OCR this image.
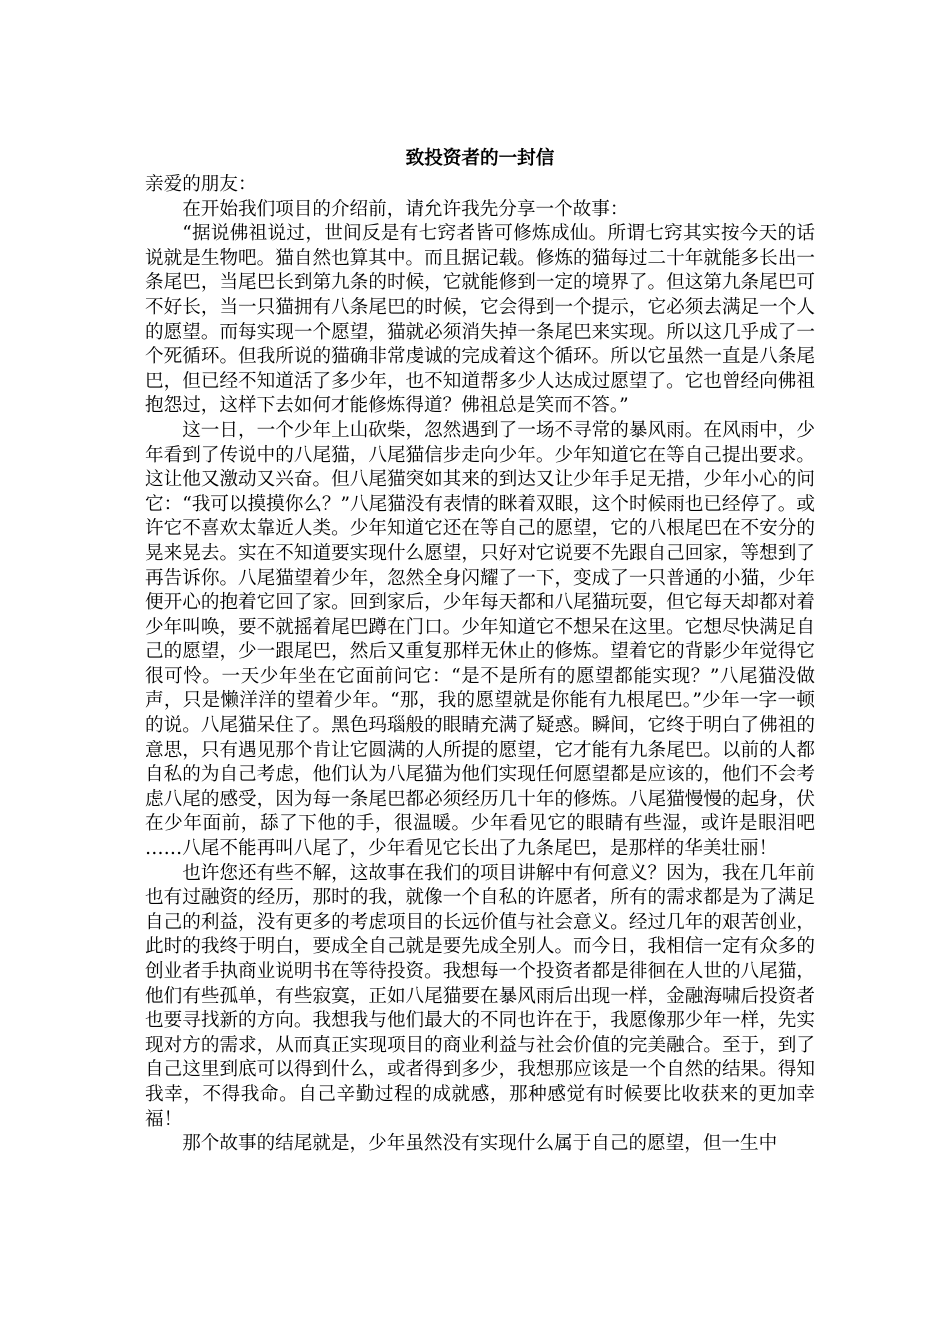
致投资者的一封信

亲爱的朋友：

在开始我们项目的介绍前，请允许我先分享一个故事：

“据说佛祖说过，世间反是有七窍者皆可修炼成仙。所谓七窍其实按今天的话说就是生物吧。猫自然也算其中。而且据记载。修炼的猫每过二十年就能多长出一条尾巴，当尾巴长到第九条的时候，它就能修到一定的境界了。但这第九条尾巴可不好长，当一只猫拥有八条尾巴的时候，它会得到一个提示，它必须去满足一个人的愿望。而每实现一个愿望，猫就必须消失掉一条尾巴来实现。所以这几乎成了一个死循环。但我所说的猫确非常虔诚的完成着这个循环。所以它虽然一直是八条尾巴，但已经不知道活了多少年，也不知道帮多少人达成过愿望了。它也曾经向佛祖抱怨过，这样下去如何才能修炼得道？佛祖总是笑而不答。”

这一日，一个少年上山砍柴，忽然遇到了一场不寻常的暴风雨。在风雨中，少年看到了传说中的八尾猫，八尾猫信步走向少年。少年知道它在等自己提出要求。这让他又激动又兴奋。但八尾猫突如其来的到达又让少年手足无措，少年小心的问它：“我可以摸摸你么？”八尾猫没有表情的眯着双眼，这个时候雨也已经停了。或许它不喜欢太靠近人类。少年知道它还在等自己的愿望，它的八根尾巴在不安分的晃来晃去。实在不知道要实现什么愿望，只好对它说要不先跟自己回家，等想到了再告诉你。八尾猫望着少年，忽然全身闪耀了一下，变成了一只普通的小猫，少年便开心的抱着它回了家。回到家后，少年每天都和八尾猫玩耍，但它每天却都对着少年叫唤，要不就摇着尾巴蹲在门口。少年知道它不想呆在这里。它想尽快满足自己的愿望，少一跟尾巴，然后又重复那样无休止的修炼。望着它的背影少年觉得它很可怜。一天少年坐在它面前问它：“是不是所有的愿望都能实现？”八尾猫没做声，只是懒洋洋的望着少年。“那，我的愿望就是你能有九根尾巴。”少年一字一顿的说。八尾猫呆住了。黑色玛瑙般的眼睛充满了疑惑。瞬间，它终于明白了佛祖的意思，只有遇见那个肯让它圆满的人所提的愿望，它才能有九条尾巴。以前的人都自私的为自己考虑，他们认为八尾猫为他们实现任何愿望都是应该的，他们不会考虑八尾的感受，因为每一条尾巴都必须经历几十年的修炼。八尾猫慢慢的起身，伏在少年面前，舔了下他的手，很温暖。少年看见它的眼睛有些湿，或许是眼泪吧 ……八尾不能再叫八尾了，少年看见它长出了九条尾巴，是那样的华美壮丽！

也许您还有些不解，这故事在我们的项目讲解中有何意义？因为，我在几年前也有过融资的经历，那时的我，就像一个自私的许愿者，所有的需求都是为了满足自己的利益，没有更多的考虑项目的长远价值与社会意义。经过几年的艰苦创业，此时的我终于明白，要成全自己就是要先成全别人。而今日，我相信一定有众多的创业者手执商业说明书在等待投资。我想每一个投资者都是徘徊在人世的八尾猫，他们有些孤单，有些寂寞，正如八尾猫要在暴风雨后出现一样，金融海啸后投资者也要寻找新的方向。我想我与他们最大的不同也许在于，我愿像那少年一样，先实现对方的需求，从而真正实现项目的商业利益与社会价值的完美融合。至于，到了自己这里到底可以得到什么，或者得到多少，我想那应该是一个自然的结果。得知我幸，不得我命。自己辛勤过程的成就感，那种感觉有时候要比收获来的更加幸福！

那个故事的结尾就是，少年虽然没有实现什么属于自己的愿望，但一生中
